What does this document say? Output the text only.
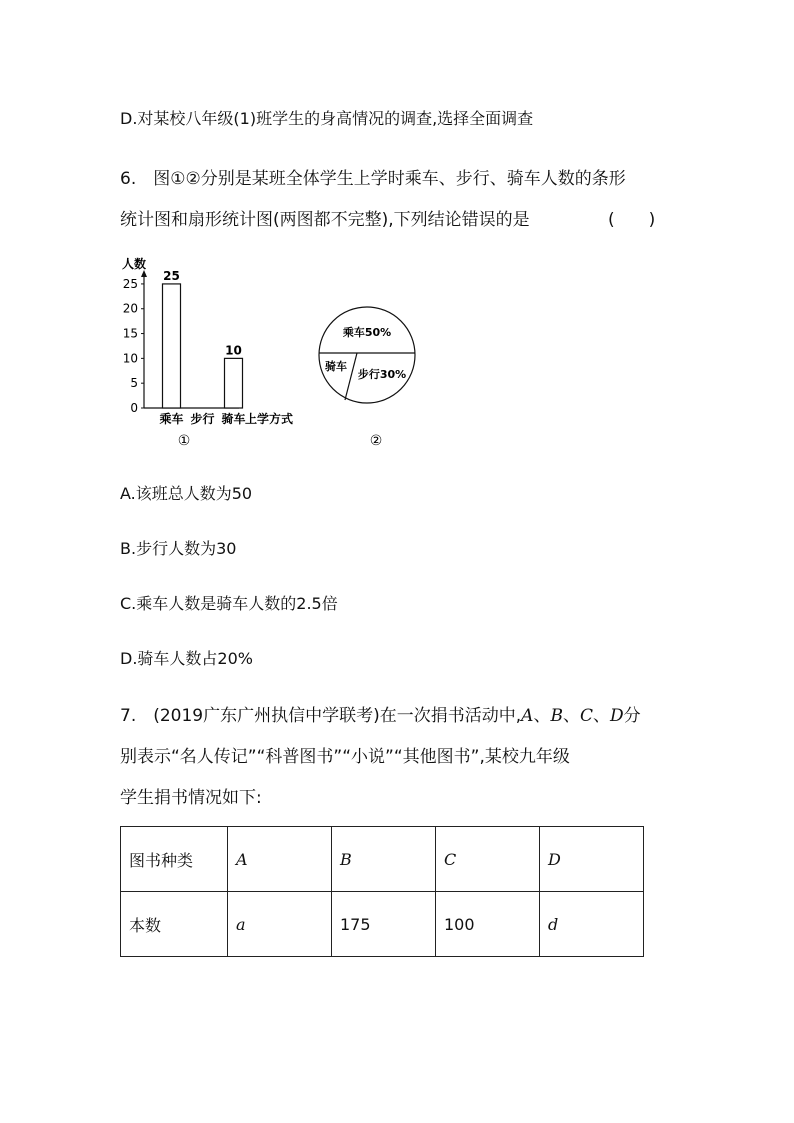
D.对某校八年级(1)班学生的身高情况的调查,选择全面调查
6.　图①②分别是某班全体学生上学时乘车、步行、骑车人数的条形
统计图和扇形统计图(两图都不完整),下列结论错误的是	(　　)
人数
上学方式
0
5
10
15
20
25
25
乘车 步行
10
骑车
①
乘车50%
步行30%
骑车
②
A.该班总人数为50
B.步行人数为30
C.乘车人数是骑车人数的2.5倍
D.骑车人数占20%
7.　(2019广东广州执信中学联考)在一次捐书活动中,A、B、C、D分
别表示“名人传记”“科普图书”“小说”“其他图书”,某校九年级
学生捐书情况如下:
图书种类	A	B	C	D
本数	a	175	100	d
